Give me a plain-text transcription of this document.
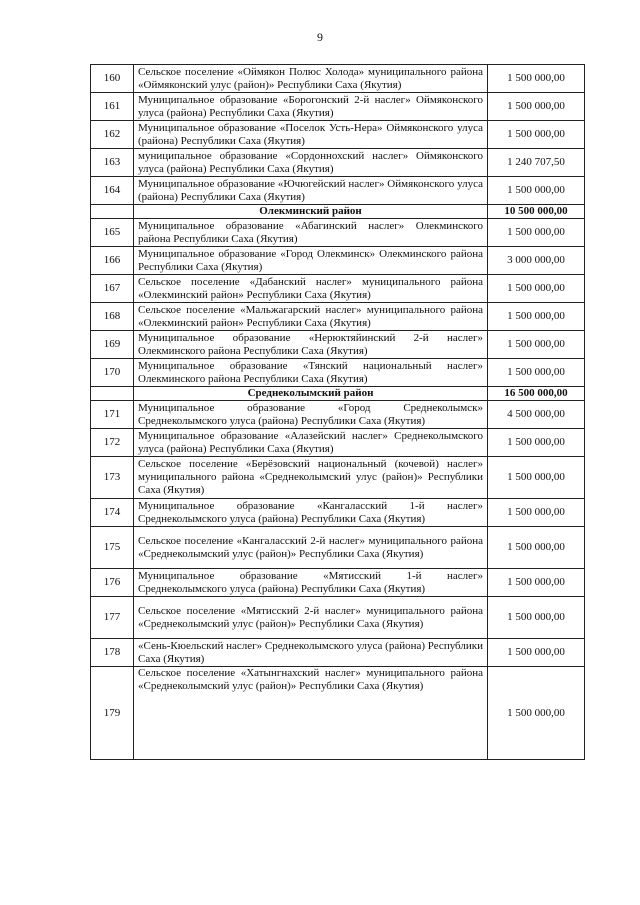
9
160	Сельское поселение «Оймякон Полюс Холода» муниципального района «Оймяконский улус (район)» Республики Саха (Якутия)	1 500 000,00
161	Муниципальное образование «Борогонский 2-й наслег» Оймяконского улуса (района) Республики Саха (Якутия)	1 500 000,00
162	Муниципальное образование «Поселок Усть-Нера» Оймяконского улуса (района) Республики Саха (Якутия)	1 500 000,00
163	муниципальное образование «Сордоннохский наслег» Оймяконского улуса (района) Республики Саха (Якутия)	1 240 707,50
164	Муниципальное образование «Ючюгейский наслег» Оймяконского улуса (района) Республики Саха (Якутия)	1 500 000,00
	Олекминский район	10 500 000,00
165	Муниципальное образование «Абагинский наслег» Олекминского района Республики Саха (Якутия)	1 500 000,00
166	Муниципальное образование «Город Олекминск» Олекминского района Республики Саха (Якутия)	3 000 000,00
167	Сельское поселение «Дабанский наслег» муниципального района «Олекминский район» Республики Саха (Якутия)	1 500 000,00
168	Сельское поселение «Мальжагарский наслег» муниципального района «Олекминский район» Республики Саха (Якутия)	1 500 000,00
169	Муниципальное образование «Нерюктяйинский 2-й наслег» Олекминского района Республики Саха (Якутия)	1 500 000,00
170	Муниципальное образование «Тянский национальный наслег» Олекминского района Республики Саха (Якутия)	1 500 000,00
	Среднеколымский район	16 500 000,00
171	Муниципальное образование «Город Среднеколымск» Среднеколымского улуса (района) Республики Саха (Якутия)	4 500 000,00
172	Муниципальное образование «Алазейский наслег» Среднеколымского улуса (района) Республики Саха (Якутия)	1 500 000,00
173	Сельское поселение «Берёзовский национальный (кочевой) наслег» муниципального района «Среднеколымский улус (район)» Республики Саха (Якутия)	1 500 000,00
174	Муниципальное образование «Кангаласский 1-й наслег» Среднеколымского улуса (района) Республики Саха (Якутия)	1 500 000,00
175	Сельское поселение «Кангаласский 2-й наслег» муниципального района «Среднеколымский улус (район)» Республики Саха (Якутия)	1 500 000,00
176	Муниципальное образование «Мятисский 1-й наслег» Среднеколымского улуса (района) Республики Саха (Якутия)	1 500 000,00
177	Сельское поселение «Мятисский 2-й наслег» муниципального района «Среднеколымский улус (район)» Республики Саха (Якутия)	1 500 000,00
178	«Сень-Кюельский наслег» Среднеколымского улуса (района) Республики Саха (Якутия)	1 500 000,00
179	Сельское поселение «Хатынгнахский наслег» муниципального района «Среднеколымский улус (район)» Республики Саха (Якутия)	1 500 000,00
